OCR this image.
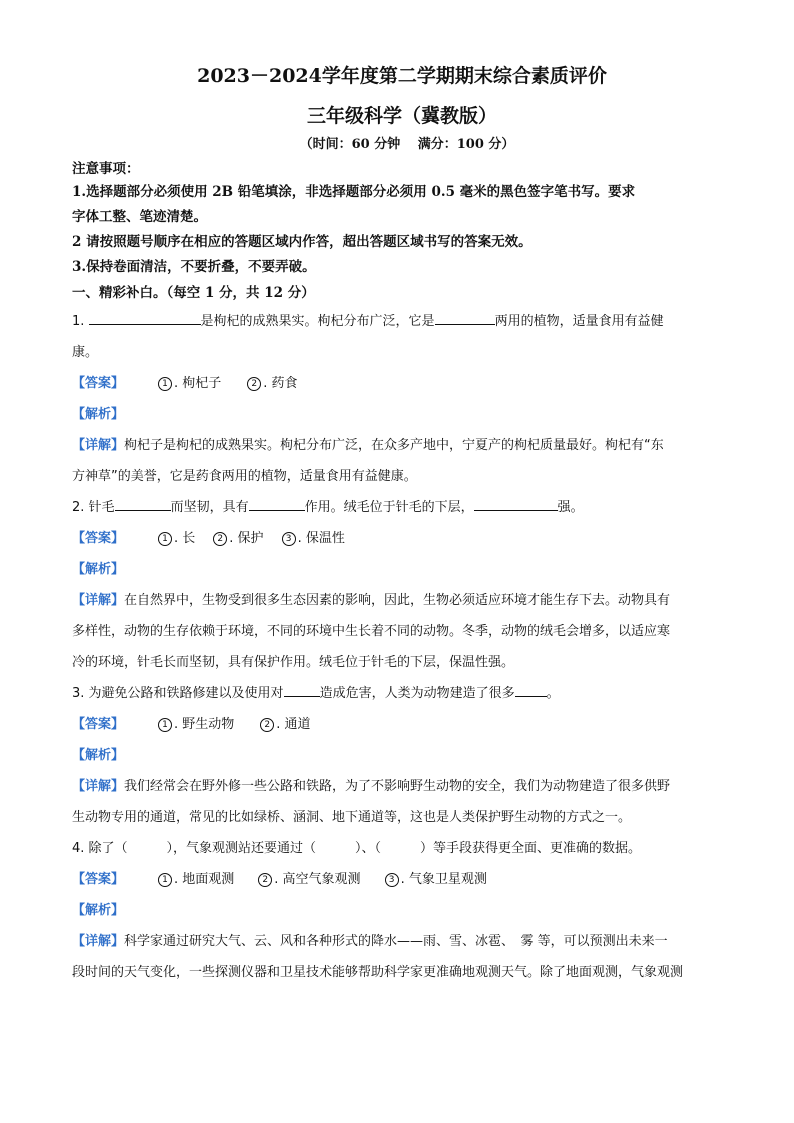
2023－2024学年度第二学期期末综合素质评价
三年级科学（冀教版）
（时间：60 分钟　 满分：100 分）

注意事项：

1.选择题部分必须使用 2B 铅笔填涂，非选择题部分必须用 0.5 毫米的黑色签字笔书写。要求

字体工整、笔迹清楚。

2 请按照题号顺序在相应的答题区域内作答，超出答题区域书写的答案无效。

3.保持卷面清洁，不要折叠，不要弄破。

一、精彩补白。（每空 1 分，共 12 分）

1.	是枸杞的成熟果实。枸杞分布广泛，它是	两用的植物，适量食用有益健

康。

【答案】	1 . 枸杞子	2 . 药食

【解析】

【详解】枸杞子是枸杞的成熟果实。枸杞分布广泛，在众多产地中，宁夏产的枸杞质量最好。枸杞有“东

方神草”的美誉，它是药食两用的植物，适量食用有益健康。

2. 针毛	而坚韧，具有	作用。绒毛位于针毛的下层，	强。

【答案】	1 . 长	2 . 保护	3 . 保温性

【解析】

【详解】在自然界中，生物受到很多生态因素的影响，因此，生物必须适应环境才能生存下去。动物具有

多样性，动物的生存依赖于环境，不同的环境中生长着不同的动物。冬季，动物的绒毛会增多，以适应寒

冷的环境，针毛长而坚韧，具有保护作用。绒毛位于针毛的下层，保温性强。

3. 为避免公路和铁路修建以及使用对	造成危害，人类为动物建造了很多 。

【答案】	1 . 野生动物	2 . 通道

【解析】

【详解】我们经常会在野外修一些公路和铁路，为了不影响野生动物的安全，我们为动物建造了很多供野

生动物专用的通道，常见的比如绿桥、涵洞、地下通道等，这也是人类保护野生动物的方式之一。

4. 除了（　　　），气象观测站还要通过（　　　）、（　　　）等手段获得更全面、更准确的数据。

【答案】	1 . 地面观测	2 . 高空气象观测	3 . 气象卫星观测

【解析】

【详解】科学家通过研究大气、云、风和各种形式的降水——雨、雪、冰雹、　雾 等，可以预测出未来一

段时间的天气变化，一些探测仪器和卫星技术能够帮助科学家更准确地观测天气。除了地面观测，气象观测
